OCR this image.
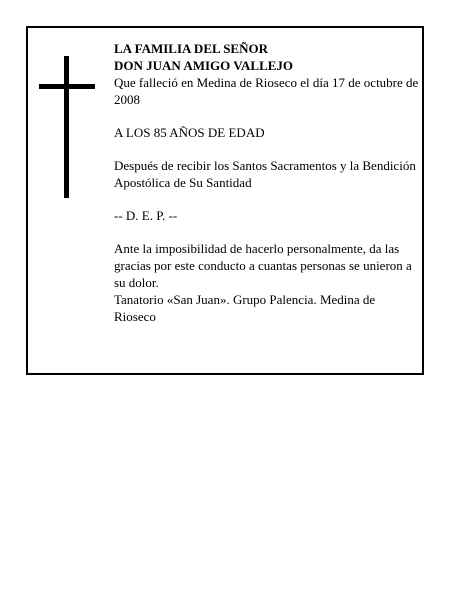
LA FAMILIA DEL SEÑOR

DON JUAN AMIGO VALLEJO

Que falleció en Medina de Rioseco el día 17 de octubre de 2008

A LOS 85 AÑOS DE EDAD

Después de recibir los Santos Sacramentos y la Bendición Apostólica de Su Santidad

-- D. E. P. --

Ante la imposibilidad de hacerlo personalmente, da las gracias por este conducto a cuantas personas se unieron a su dolor.

Tanatorio «San Juan». Grupo Palencia. Medina de Rioseco
